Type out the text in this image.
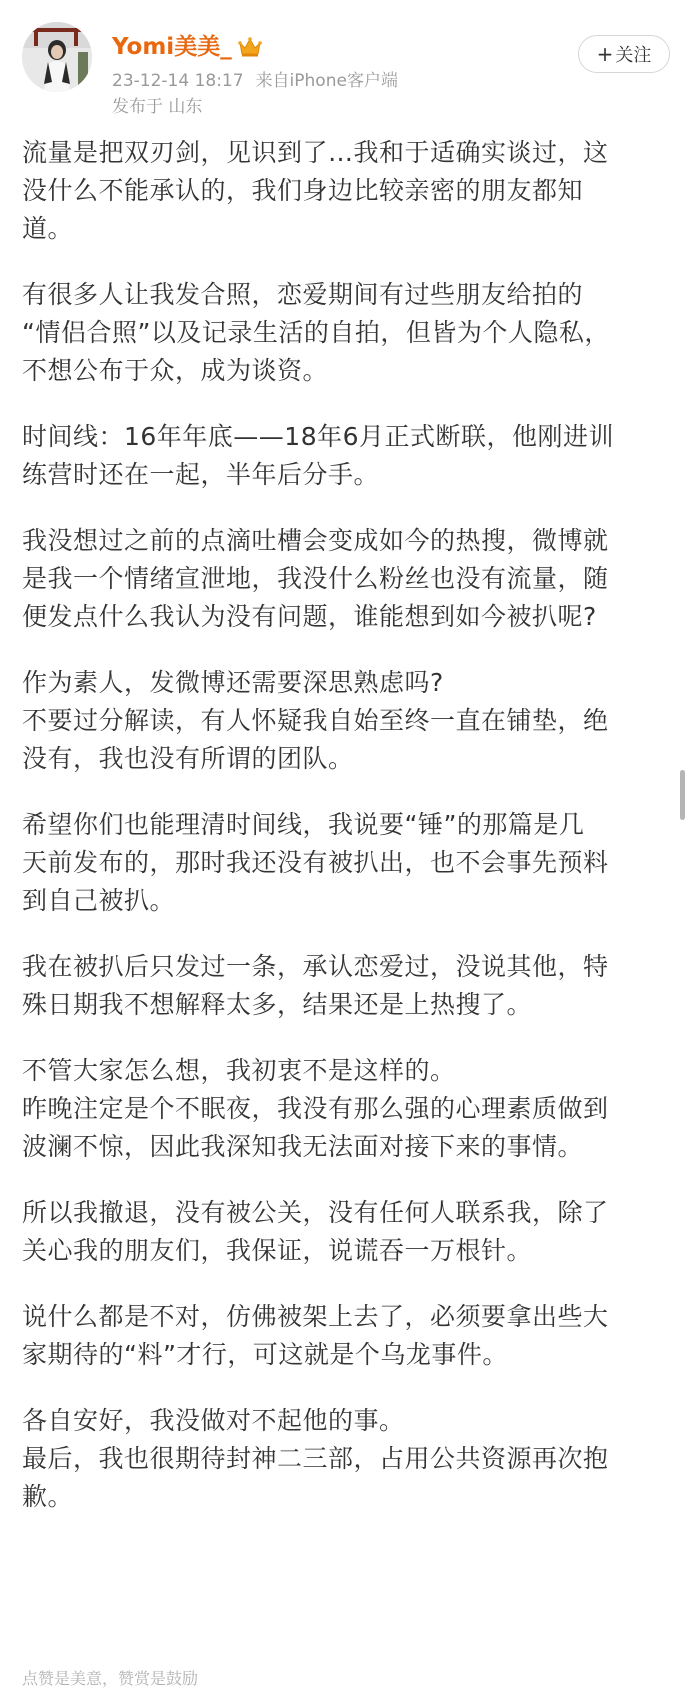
Yomi美美_
23-12-14 18:17 来自iPhone客户端
发布于 山东
+ 关注
流量是把双刃剑，见识到了…我和于适确实谈过，这
没什么不能承认的，我们身边比较亲密的朋友都知
道。
有很多人让我发合照，恋爱期间有过些朋友给拍的
“情侣合照”以及记录生活的自拍，但皆为个人隐私，
不想公布于众，成为谈资。
时间线：16年年底——18年6月正式断联，他刚进训
练营时还在一起，半年后分手。
我没想过之前的点滴吐槽会变成如今的热搜，微博就
是我一个情绪宣泄地，我没什么粉丝也没有流量，随
便发点什么我认为没有问题，谁能想到如今被扒呢?
作为素人，发微博还需要深思熟虑吗?
不要过分解读，有人怀疑我自始至终一直在铺垫，绝
没有，我也没有所谓的团队。
希望你们也能理清时间线，我说要“锤”的那篇是几
天前发布的，那时我还没有被扒出，也不会事先预料
到自己被扒。
我在被扒后只发过一条，承认恋爱过，没说其他，特
殊日期我不想解释太多，结果还是上热搜了。
不管大家怎么想，我初衷不是这样的。
昨晚注定是个不眠夜，我没有那么强的心理素质做到
波澜不惊，因此我深知我无法面对接下来的事情。
所以我撤退，没有被公关，没有任何人联系我，除了
关心我的朋友们，我保证，说谎吞一万根针。
说什么都是不对，仿佛被架上去了，必须要拿出些大
家期待的“料”才行，可这就是个乌龙事件。
各自安好，我没做对不起他的事。
最后，我也很期待封神二三部，占用公共资源再次抱
歉。
点赞是美意，赞赏是鼓励
